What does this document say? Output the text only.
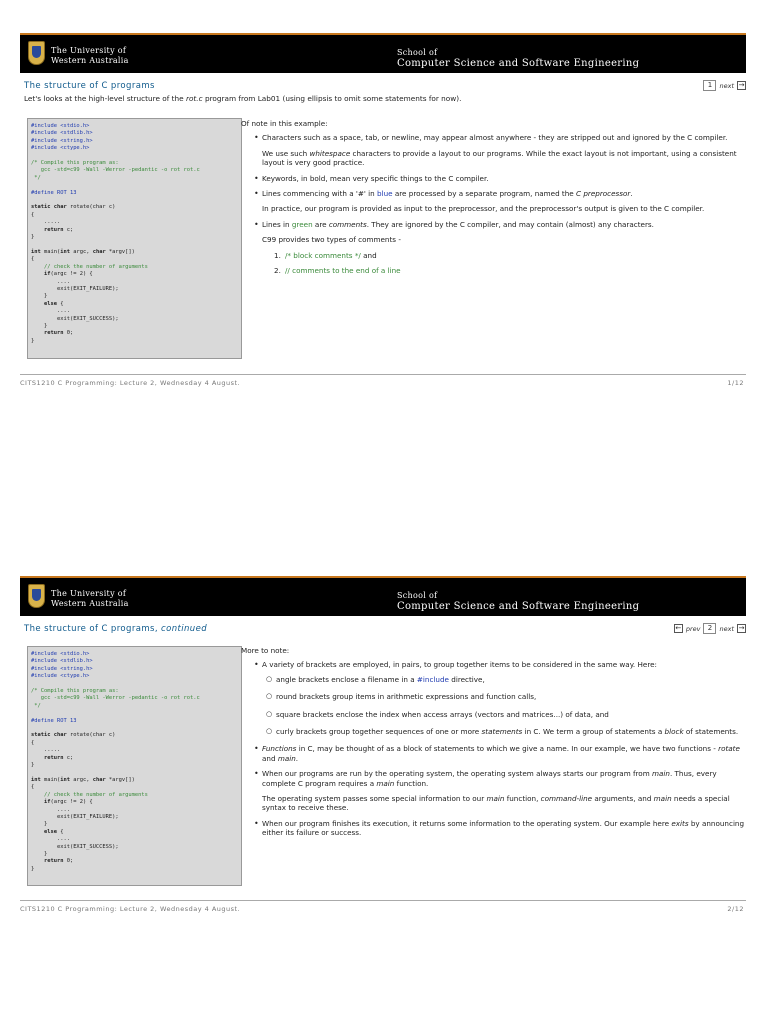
The University of
Western Australia
School of
Computer Science and Software Engineering
The structure of C programs	1	next →
Let's looks at the high-level structure of the rot.c program from Lab01 (using ellipsis to omit some statements for now).
#include <stdio.h>
#include <stdlib.h>
#include <string.h>
#include <ctype.h>

/* Compile this program as:
gcc -std=c99 -Wall -Werror -pedantic -o rot rot.c
*/

#define ROT 13

static char rotate(char c)
{
.....
return c;
}

int main(int argc, char *argv[])
{
// check the number of arguments
if(argc != 2) {
....
exit(EXIT_FAILURE);
}
else {
....
exit(EXIT_SUCCESS);
}
return 0;
}
Of note in this example:
• Characters such as a space, tab, or newline, may appear almost anywhere - they are stripped out and ignored by the C compiler.

We use such whitespace characters to provide a layout to our programs. While the exact layout is not important, using a consistent layout is very good practice.

• Keywords, in bold, mean very specific things to the C compiler.
• Lines commencing with a '#' in blue are processed by a separate program, named the C preprocessor.

In practice, our program is provided as input to the preprocessor, and the preprocessor's output is given to the C compiler.

• Lines in green are comments. They are ignored by the C compiler, and may contain (almost) any characters.

C99 provides two types of comments -

1. /* block comments */ and
2. // comments to the end of a line
CITS1210 C Programming: Lecture 2, Wednesday 4 August.	1/12
The University of
Western Australia
School of
Computer Science and Software Engineering
The structure of C programs, continued	← prev	2	next →
#include <stdio.h>
#include <stdlib.h>
#include <string.h>
#include <ctype.h>

/* Compile this program as:
gcc -std=c99 -Wall -Werror -pedantic -o rot rot.c
*/

#define ROT 13

static char rotate(char c)
{
.....
return c;
}

int main(int argc, char *argv[])
{
// check the number of arguments
if(argc != 2) {
....
exit(EXIT_FAILURE);
}
else {
....
exit(EXIT_SUCCESS);
}
return 0;
}
More to note:
• A variety of brackets are employed, in pairs, to group together items to be considered in the same way. Here:
○ angle brackets enclose a filename in a #include directive,
○ round brackets group items in arithmetic expressions and function calls,
○ square brackets enclose the index when access arrays (vectors and matrices...) of data, and
○ curly brackets group together sequences of one or more statements in C. We term a group of statements a block of statements.
• Functions in C, may be thought of as a block of statements to which we give a name. In our example, we have two functions - rotate and main.
• When our programs are run by the operating system, the operating system always starts our program from main. Thus, every complete C program requires a main function.

The operating system passes some special information to our main function, command-line arguments, and main needs a special syntax to receive these.

• When our program finishes its execution, it returns some information to the operating system. Our example here exits by announcing either its failure or success.
CITS1210 C Programming: Lecture 2, Wednesday 4 August.	2/12
